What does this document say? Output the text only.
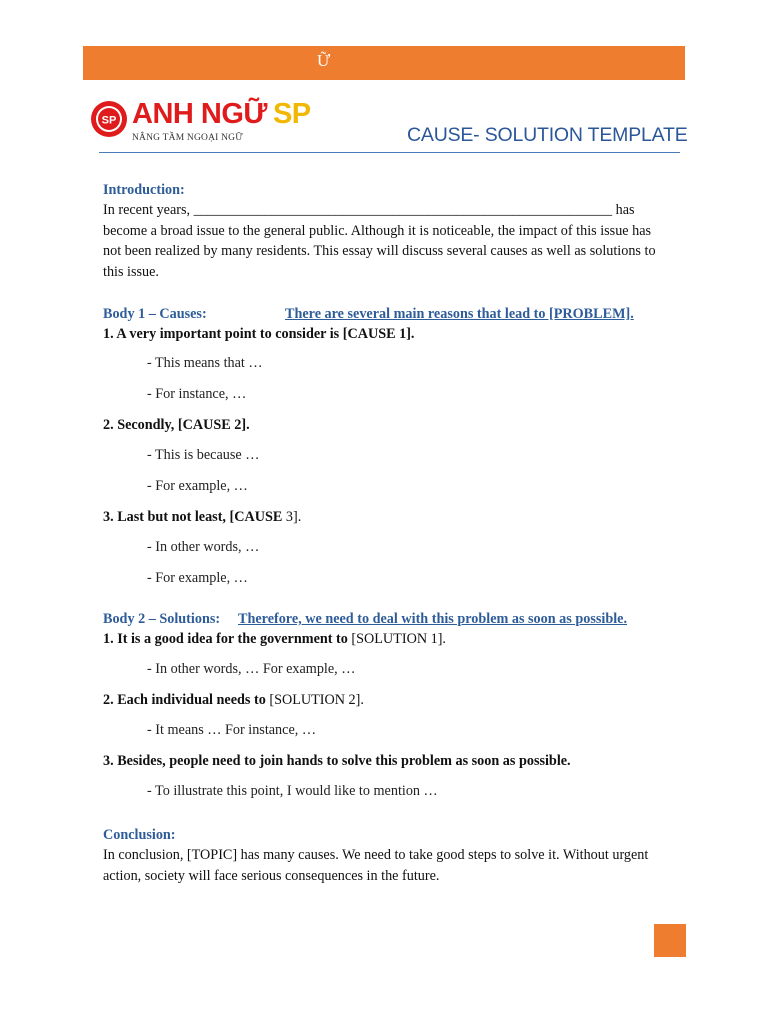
Ữ
SP ANH NGỮ SP
NÂNG TẦM NGOẠI NGỮ	CAUSE- SOLUTION TEMPLATE
Introduction:

In recent years, ___________________________________________________________ has become a broad issue to the general public. Although it is noticeable, the impact of this issue has not been realized by many residents. This essay will discuss several causes as well as solutions to this issue.

Body 1 – Causes:	There are several main reasons that lead to [PROBLEM].
1. A very important point to consider is [CAUSE 1].
- This means that …
- For instance, …
2. Secondly, [CAUSE 2].
- This is because …
- For example, …
3. Last but not least, [CAUSE 3].
- In other words, …
- For example, …
Body 2 – Solutions:	Therefore, we need to deal with this problem as soon as possible.
1. It is a good idea for the government to [SOLUTION 1].
- In other words, … For example, …
2. Each individual needs to [SOLUTION 2].
- It means … For instance, …
3. Besides, people need to join hands to solve this problem as soon as possible.
- To illustrate this point, I would like to mention …
Conclusion:

In conclusion, [TOPIC] has many causes. We need to take good steps to solve it. Without urgent action, society will face serious consequences in the future.
